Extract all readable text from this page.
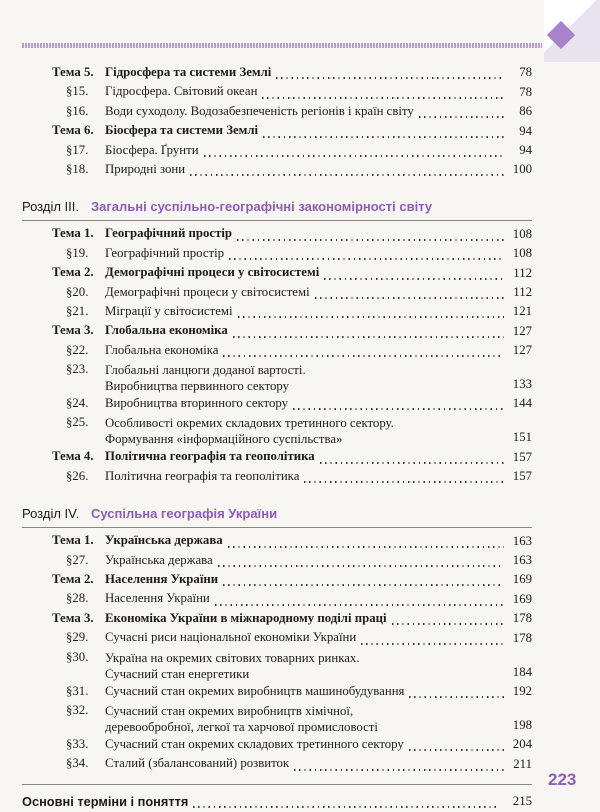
Тема 5. Гідросфера та системи Землі	78
§15. Гідросфера. Світовий океан	78
§16. Води суходолу. Водозабезпеченість регіонів і країн світу	86
Тема 6. Біосфера та системи Землі	94
§17. Біосфера. Ґрунти	94
§18. Природні зони	100
Розділ III. Загальні суспільно-географічні закономірності світу
Тема 1. Географічний простір	108
§19. Географічний простір	108
Тема 2. Демографічні процеси у світосистемі	112
§20. Демографічні процеси у світосистемі	112
§21. Міграції у світосистемі	121
Тема 3. Глобальна економіка	127
§22. Глобальна економіка	127
§23. Глобальні ланцюги доданої вартості.
Виробництва первинного сектору	133
§24. Виробництва вторинного сектору	144
§25. Особливості окремих складових третинного сектору.
Формування «інформаційного суспільства»	151
Тема 4. Політична географія та геополітика	157
§26. Політична географія та геополітика	157
Розділ IV. Суспільна географія України
Тема 1. Українська держава	163
§27. Українська держава	163
Тема 2. Населення України	169
§28. Населення України	169
Тема 3. Економіка України в міжнародному поділі праці	178
§29. Сучасні риси національної економіки України	178
§30. Україна на окремих світових товарних ринках.
Сучасний стан енергетики	184
§31. Сучасний стан окремих виробництв машинобудування	192
§32. Сучасний стан окремих виробництв хімічної,
деревообробної, легкої та харчової промисловості	198
§33. Сучасний стан окремих складових третинного сектору	204
§34. Сталий (збалансований) розвиток	211
Основні терміни і поняття	215
223
